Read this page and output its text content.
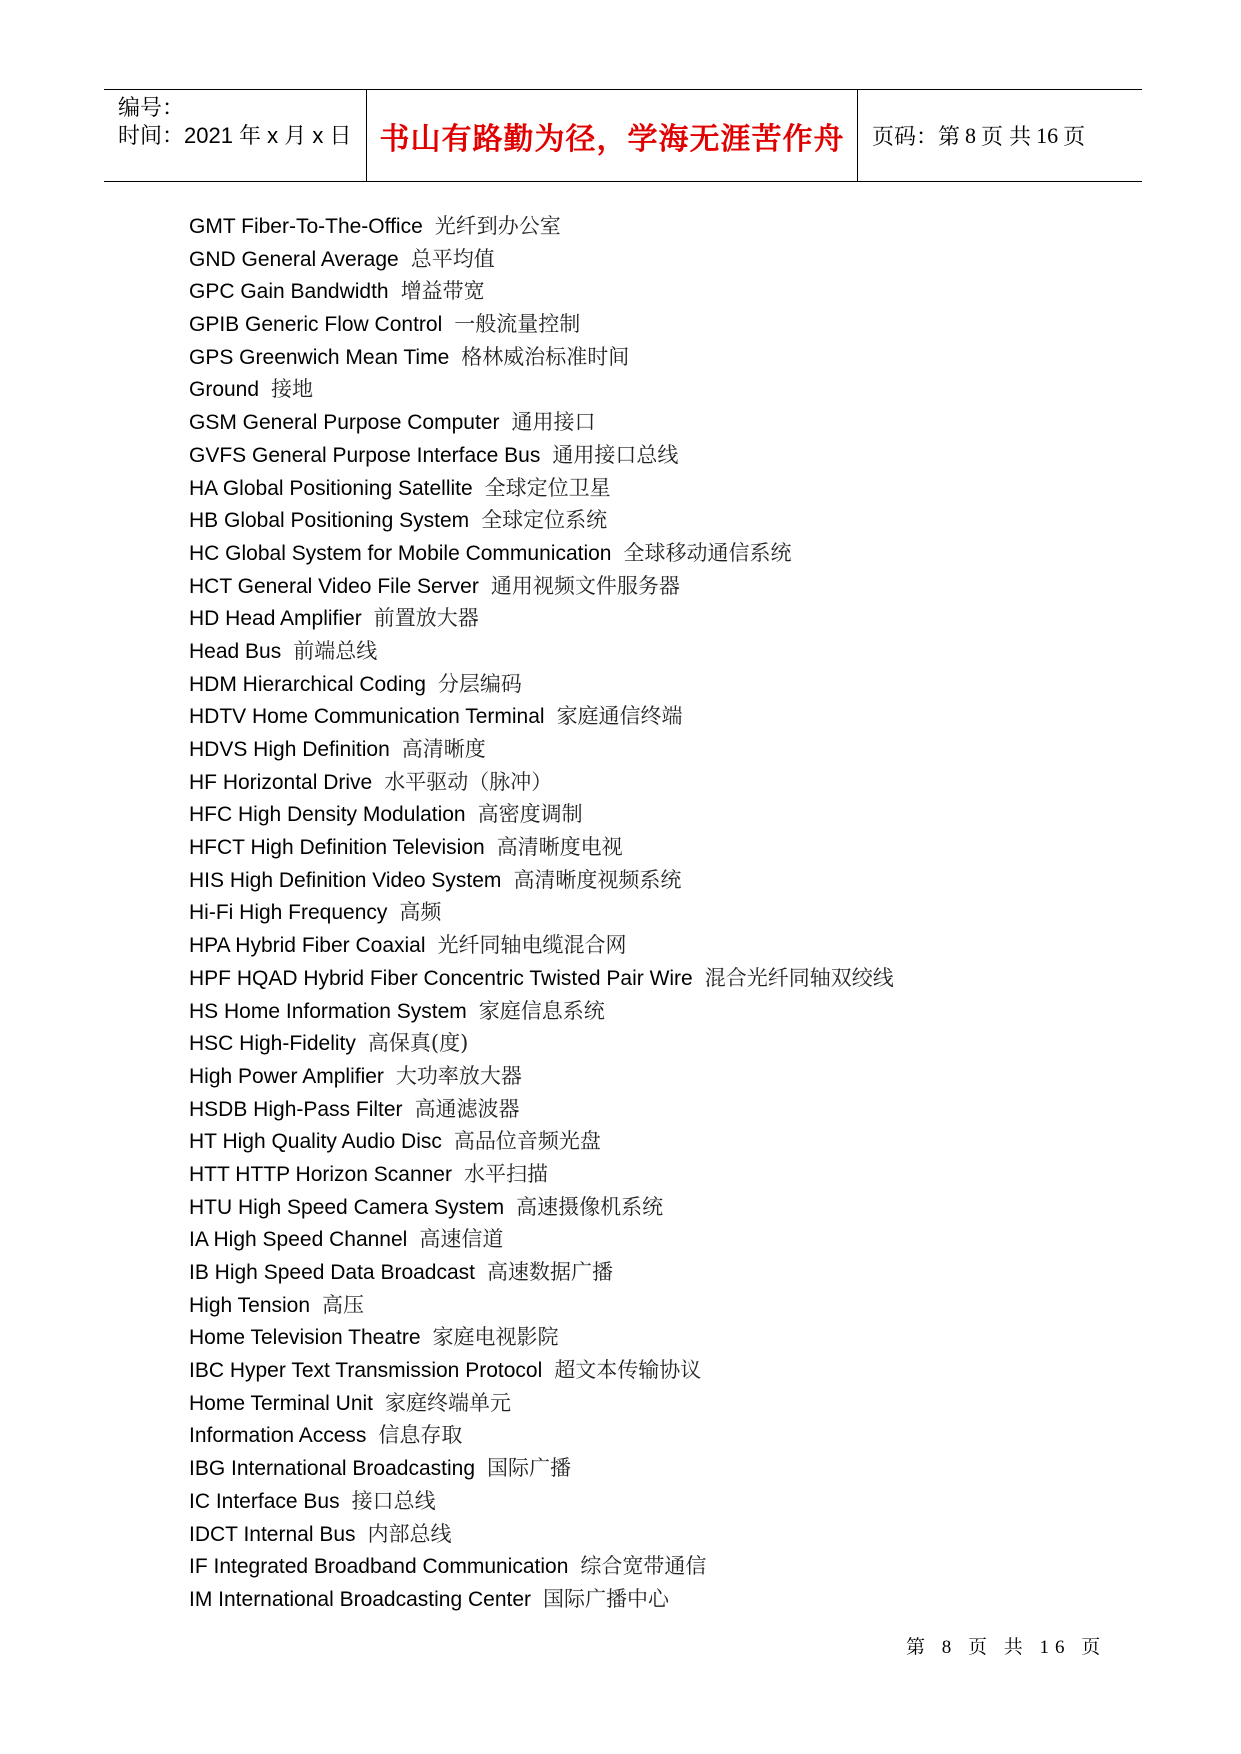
编号：
时间：2021 年 x 月 x 日 书山有路勤为径，学海无涯苦作舟	页码：第 8 页 共 16 页
GMT Fiber-To-The-Office 光纤到办公室
GND General Average 总平均值
GPC Gain Bandwidth 增益带宽
GPIB Generic Flow Control 一般流量控制
GPS Greenwich Mean Time 格林威治标准时间
Ground 接地
GSM General Purpose Computer 通用接口
GVFS General Purpose Interface Bus 通用接口总线
HA Global Positioning Satellite 全球定位卫星
HB Global Positioning System 全球定位系统
HC Global System for Mobile Communication 全球移动通信系统
HCT General Video File Server 通用视频文件服务器
HD Head Amplifier 前置放大器
Head Bus 前端总线
HDM Hierarchical Coding 分层编码
HDTV Home Communication Terminal 家庭通信终端
HDVS High Definition 高清晰度
HF Horizontal Drive 水平驱动（脉冲）
HFC High Density Modulation 高密度调制
HFCT High Definition Television 高清晰度电视
HIS High Definition Video System 高清晰度视频系统
Hi-Fi High Frequency 高频
HPA Hybrid Fiber Coaxial 光纤同轴电缆混合网
HPF HQAD Hybrid Fiber Concentric Twisted Pair Wire 混合光纤同轴双绞线
HS Home Information System 家庭信息系统
HSC High-Fidelity 高保真(度)
High Power Amplifier 大功率放大器
HSDB High-Pass Filter 高通滤波器
HT High Quality Audio Disc 高品位音频光盘
HTT HTTP Horizon Scanner 水平扫描
HTU High Speed Camera System 高速摄像机系统
IA High Speed Channel 高速信道
IB High Speed Data Broadcast 高速数据广播
High Tension 高压
Home Television Theatre 家庭电视影院
IBC Hyper Text Transmission Protocol 超文本传输协议
Home Terminal Unit 家庭终端单元
Information Access 信息存取
IBG International Broadcasting 国际广播
IC Interface Bus 接口总线
IDCT Internal Bus 内部总线
IF Integrated Broadband Communication 综合宽带通信
IM International Broadcasting Center 国际广播中心
第 8 页 共 16 页
